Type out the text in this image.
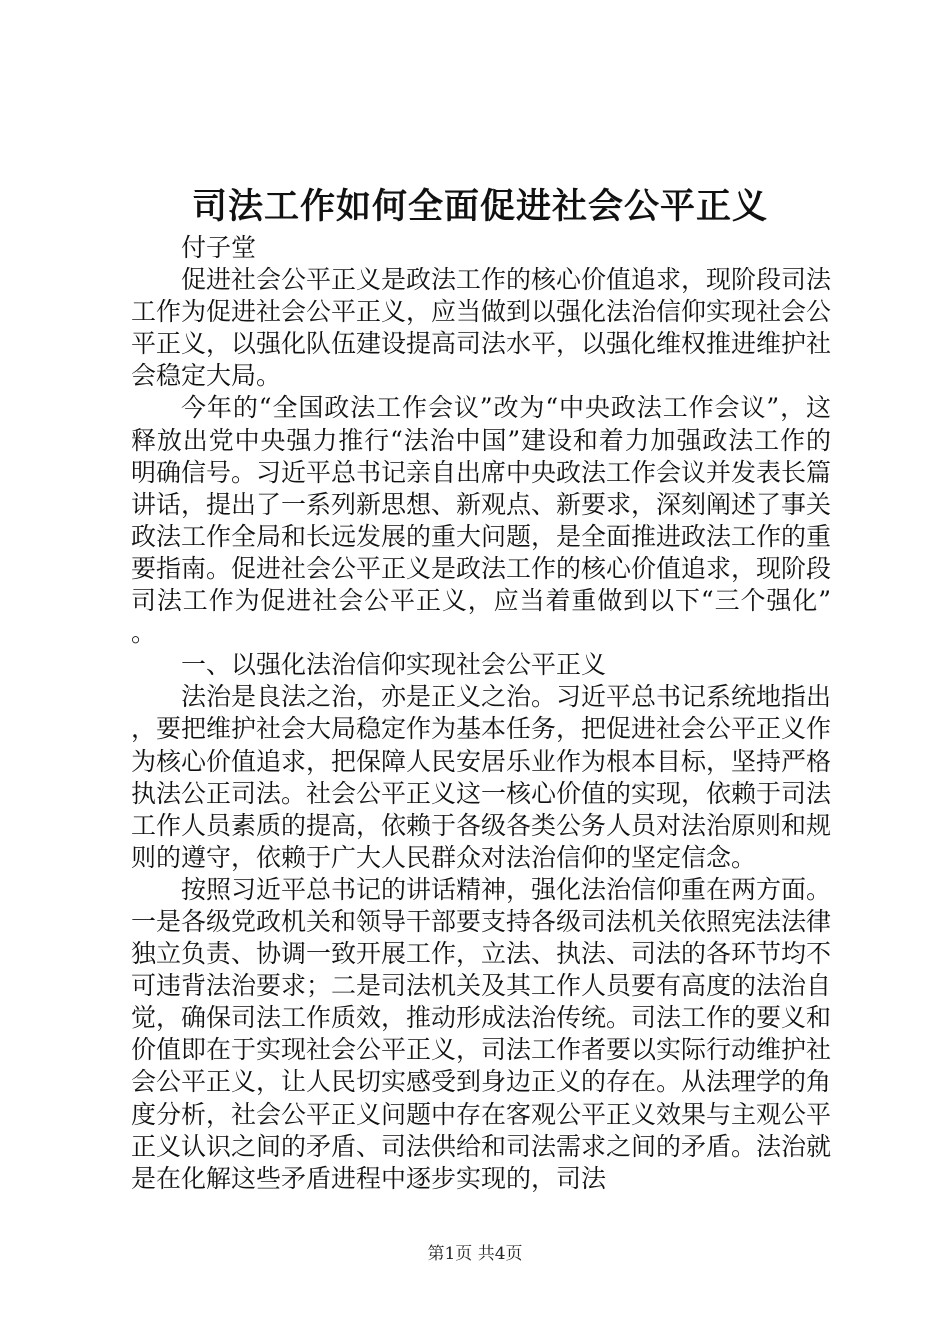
司法工作如何全面促进社会公平正义

付子堂

促进社会公平正义是政法工作的核心价值追求，现阶段司法工作为促进社会公平正义，应当做到以强化法治信仰实现社会公平正义，以强化队伍建设提高司法水平，以强化维权推进维护社会稳定大局。

今年的“全国政法工作会议”改为“中央政法工作会议”，这释放出党中央强力推行“法治中国”建设和着力加强政法工作的明确信号。习近平总书记亲自出席中央政法工作会议并发表长篇讲话，提出了一系列新思想、新观点、新要求，深刻阐述了事关政法工作全局和长远发展的重大问题，是全面推进政法工作的重要指南。促进社会公平正义是政法工作的核心价值追求，现阶段司法工作为促进社会公平正义，应当着重做到以下“三个强化”。

一、以强化法治信仰实现社会公平正义

法治是良法之治，亦是正义之治。习近平总书记系统地指出，要把维护社会大局稳定作为基本任务，把促进社会公平正义作为核心价值追求，把保障人民安居乐业作为根本目标，坚持严格执法公正司法。社会公平正义这一核心价值的实现，依赖于司法工作人员素质的提高，依赖于各级各类公务人员对法治原则和规则的遵守，依赖于广大人民群众对法治信仰的坚定信念。

按照习近平总书记的讲话精神，强化法治信仰重在两方面。一是各级党政机关和领导干部要支持各级司法机关依照宪法法律独立负责、协调一致开展工作，立法、执法、司法的各环节均不可违背法治要求；二是司法机关及其工作人员要有高度的法治自觉，确保司法工作质效，推动形成法治传统。司法工作的要义和价值即在于实现社会公平正义，司法工作者要以实际行动维护社会公平正义，让人民切实感受到身边正义的存在。从法理学的角度分析，社会公平正义问题中存在客观公平正义效果与主观公平正义认识之间的矛盾、司法供给和司法需求之间的矛盾。法治就是在化解这些矛盾进程中逐步实现的，司法

第1页 共4页
